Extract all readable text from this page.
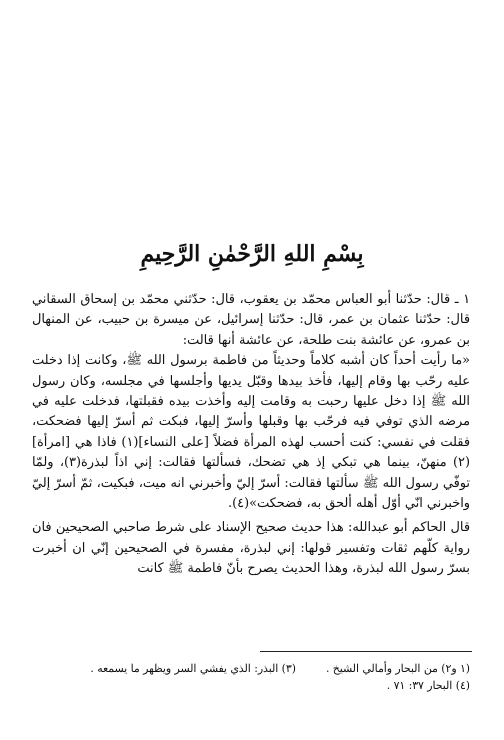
بِسْمِ اللهِ الرَّحْمٰنِ الرَّحِيمِ

١ ـ قال: حدّثنا أبو العباس محمّد بن يعقوب، قال: حدّثني محمّد بن إسحاق السقاني قال: حدّثنا عثمان بن عمر، قال: حدّثنا إسرائيل، عن ميسرة بن حبيب، عن المنهال بن عمرو، عن عائشة بنت طلحة، عن عائشة أنها قالت:

«ما رأيت أحداً كان أشبه كلاماً وحديثاً من فاطمة برسول الله ﷺ، وكانت إذا دخلت عليه رحّب بها وقام إليها، فأخذ بيدها وقبّل يديها وأجلسها في مجلسه، وكان رسول الله ﷺ إذا دخل عليها رحبت به وقامت إليه وأخذت بيده فقبلتها، فدخلت عليه في مرضه الذي توفي فيه فرحّب بها وقبلها وأسرّ إليها، فبكت ثم أسرّ إليها فضحكت، فقلت في نفسي: كنت أحسب لهذه المرأة فضلاً [على النساء](١) فاذا هي [امرأة](٢) منهنّ، بينما هي تبكي إذ هي تضحك، فسألتها فقالت: إني اذاً لبذرة(٣)، ولمّا توفّي رسول الله ﷺ سألتها فقالت: أسرّ إليّ وأخبرني انه ميت، فبكيت، ثمّ أسرّ إليّ واخبرني انّي أوّل أهله ألحق به، فضحكت»(٤).

قال الحاكم أبو عبدالله: هذا حديث صحيح الإسناد على شرط صاحبي الصحيحين فان رواية كلّهم ثقات وتفسير قولها: إني لبذرة، مفسرة في الصحيحين إنّي ان أخبرت بسرّ رسول الله لبذرة، وهذا الحديث يصرح بأنّ فاطمة ﷺ كانت

(١ و٢) من البحار وأمالي الشيخ .
(٣) البذر: الذي يفشي السر ويظهر ما يسمعه .
(٤) البحار ٣٧: ٧١ .
